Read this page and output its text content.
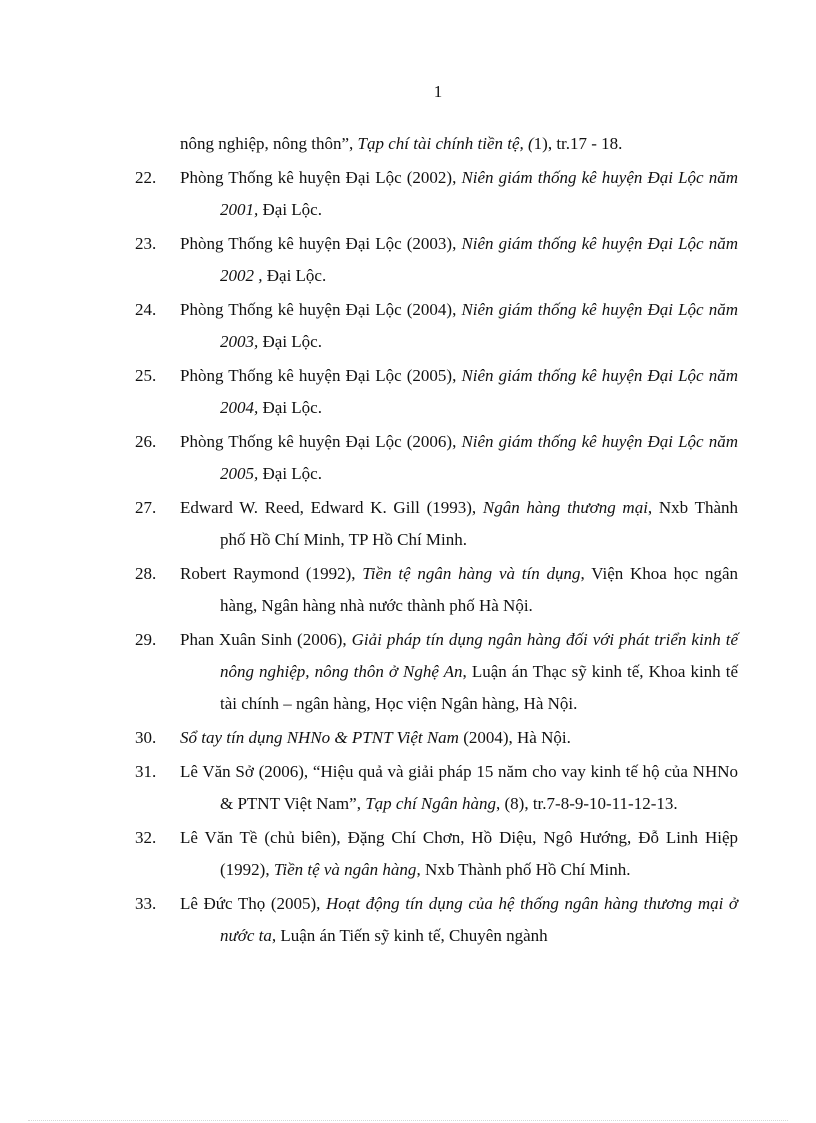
1
nông nghiệp, nông thôn”, Tạp chí tài chính tiền tệ, (1), tr.17 - 18.
22. Phòng Thống kê huyện Đại Lộc (2002), Niên giám thống kê huyện Đại Lộc năm 2001, Đại Lộc.
23. Phòng Thống kê huyện Đại Lộc (2003), Niên giám thống kê huyện Đại Lộc năm 2002 , Đại Lộc.
24. Phòng Thống kê huyện Đại Lộc (2004), Niên giám thống kê huyện Đại Lộc năm 2003, Đại Lộc.
25. Phòng Thống kê huyện Đại Lộc (2005), Niên giám thống kê huyện Đại Lộc năm 2004, Đại Lộc.
26. Phòng Thống kê huyện Đại Lộc (2006), Niên giám thống kê huyện Đại Lộc năm 2005, Đại Lộc.
27. Edward W. Reed, Edward K. Gill (1993), Ngân hàng thương mại, Nxb Thành phố Hồ Chí Minh, TP Hồ Chí Minh.
28. Robert Raymond (1992), Tiền tệ ngân hàng và tín dụng, Viện Khoa học ngân hàng, Ngân hàng nhà nước thành phố Hà Nội.
29. Phan Xuân Sinh (2006), Giải pháp tín dụng ngân hàng đối với phát triển kinh tế nông nghiệp, nông thôn ở Nghệ An, Luận án Thạc sỹ kinh tế, Khoa kinh tế tài chính – ngân hàng, Học viện Ngân hàng, Hà Nội.
30. Sổ tay tín dụng NHNo & PTNT Việt Nam (2004), Hà Nội.
31. Lê Văn Sở (2006), “Hiệu quả và giải pháp 15 năm cho vay kinh tế hộ của NHNo & PTNT Việt Nam”, Tạp chí Ngân hàng, (8), tr.7-8-9-10-11-12-13.
32. Lê Văn Tề (chủ biên), Đặng Chí Chơn, Hồ Diệu, Ngô Hướng, Đỗ Linh Hiệp (1992), Tiền tệ và ngân hàng, Nxb Thành phố Hồ Chí Minh.
33. Lê Đức Thọ (2005), Hoạt động tín dụng của hệ thống ngân hàng thương mại ở nước ta, Luận án Tiến sỹ kinh tế, Chuyên ngành
